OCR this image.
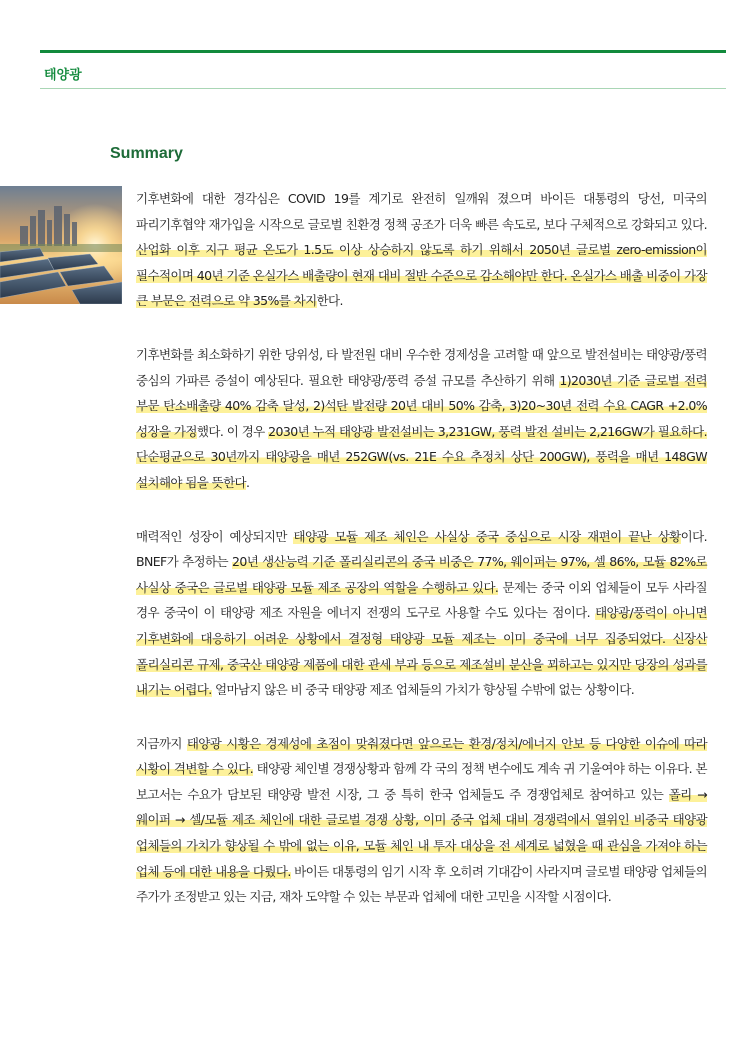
태양광
Summary

기후변화에 대한 경각심은 COVID 19를 계기로 완전히 일깨워 졌으며 바이든 대통령의 당선, 미국의 파리기후협약 재가입을 시작으로 글로벌 친환경 정책 공조가 더욱 빠른 속도로, 보다 구체적으로 강화되고 있다. 산업화 이후 지구 평균 온도가 1.5도 이상 상승하지 않도록 하기 위해서 2050년 글로벌 zero-emission이 필수적이며 40년 기준 온실가스 배출량이 현재 대비 절반 수준으로 감소해야만 한다. 온실가스 배출 비중이 가장 큰 부문은 전력으로 약 35%를 차지한다.

기후변화를 최소화하기 위한 당위성, 타 발전원 대비 우수한 경제성을 고려할 때 앞으로 발전설비는 태양광/풍력 중심의 가파른 증설이 예상된다. 필요한 태양광/풍력 증설 규모를 추산하기 위해 1)2030년 기준 글로벌 전력 부문 탄소배출량 40% 감축 달성, 2)석탄 발전량 20년 대비 50% 감축, 3)20~30년 전력 수요 CAGR +2.0% 성장을 가정했다. 이 경우 2030년 누적 태양광 발전설비는 3,231GW, 풍력 발전 설비는 2,216GW가 필요하다. 단순평균으로 30년까지 태양광을 매년 252GW(vs. 21E 수요 추정치 상단 200GW), 풍력을 매년 148GW 설치해야 됨을 뜻한다.

매력적인 성장이 예상되지만 태양광 모듈 제조 체인은 사실상 중국 중심으로 시장 재편이 끝난 상황이다. BNEF가 추정하는 20년 생산능력 기준 폴리실리콘의 중국 비중은 77%, 웨이퍼는 97%, 셀 86%, 모듈 82%로 사실상 중국은 글로벌 태양광 모듈 제조 공장의 역할을 수행하고 있다. 문제는 중국 이외 업체들이 모두 사라질 경우 중국이 이 태양광 제조 자원을 에너지 전쟁의 도구로 사용할 수도 있다는 점이다. 태양광/풍력이 아니면 기후변화에 대응하기 어려운 상황에서 결정형 태양광 모듈 제조는 이미 중국에 너무 집중되었다. 신장산 폴리실리콘 규제, 중국산 태양광 제품에 대한 관세 부과 등으로 제조설비 분산을 꾀하고는 있지만 당장의 성과를 내기는 어렵다. 얼마남지 않은 비 중국 태양광 제조 업체들의 가치가 향상될 수밖에 없는 상황이다.

지금까지 태양광 시황은 경제성에 초점이 맞춰졌다면 앞으로는 환경/정치/에너지 안보 등 다양한 이슈에 따라 시황이 격변할 수 있다. 태양광 체인별 경쟁상황과 함께 각 국의 정책 변수에도 계속 귀 기울여야 하는 이유다. 본 보고서는 수요가 담보된 태양광 발전 시장, 그 중 특히 한국 업체들도 주 경쟁업체로 참여하고 있는 폴리 → 웨이퍼 → 셀/모듈 제조 체인에 대한 글로벌 경쟁 상황, 이미 중국 업체 대비 경쟁력에서 열위인 비중국 태양광 업체들의 가치가 향상될 수 밖에 없는 이유, 모듈 체인 내 투자 대상을 전 세계로 넓혔을 때 관심을 가져야 하는 업체 등에 대한 내용을 다뤘다. 바이든 대통령의 임기 시작 후 오히려 기대감이 사라지며 글로벌 태양광 업체들의 주가가 조정받고 있는 지금, 재차 도약할 수 있는 부문과 업체에 대한 고민을 시작할 시점이다.
